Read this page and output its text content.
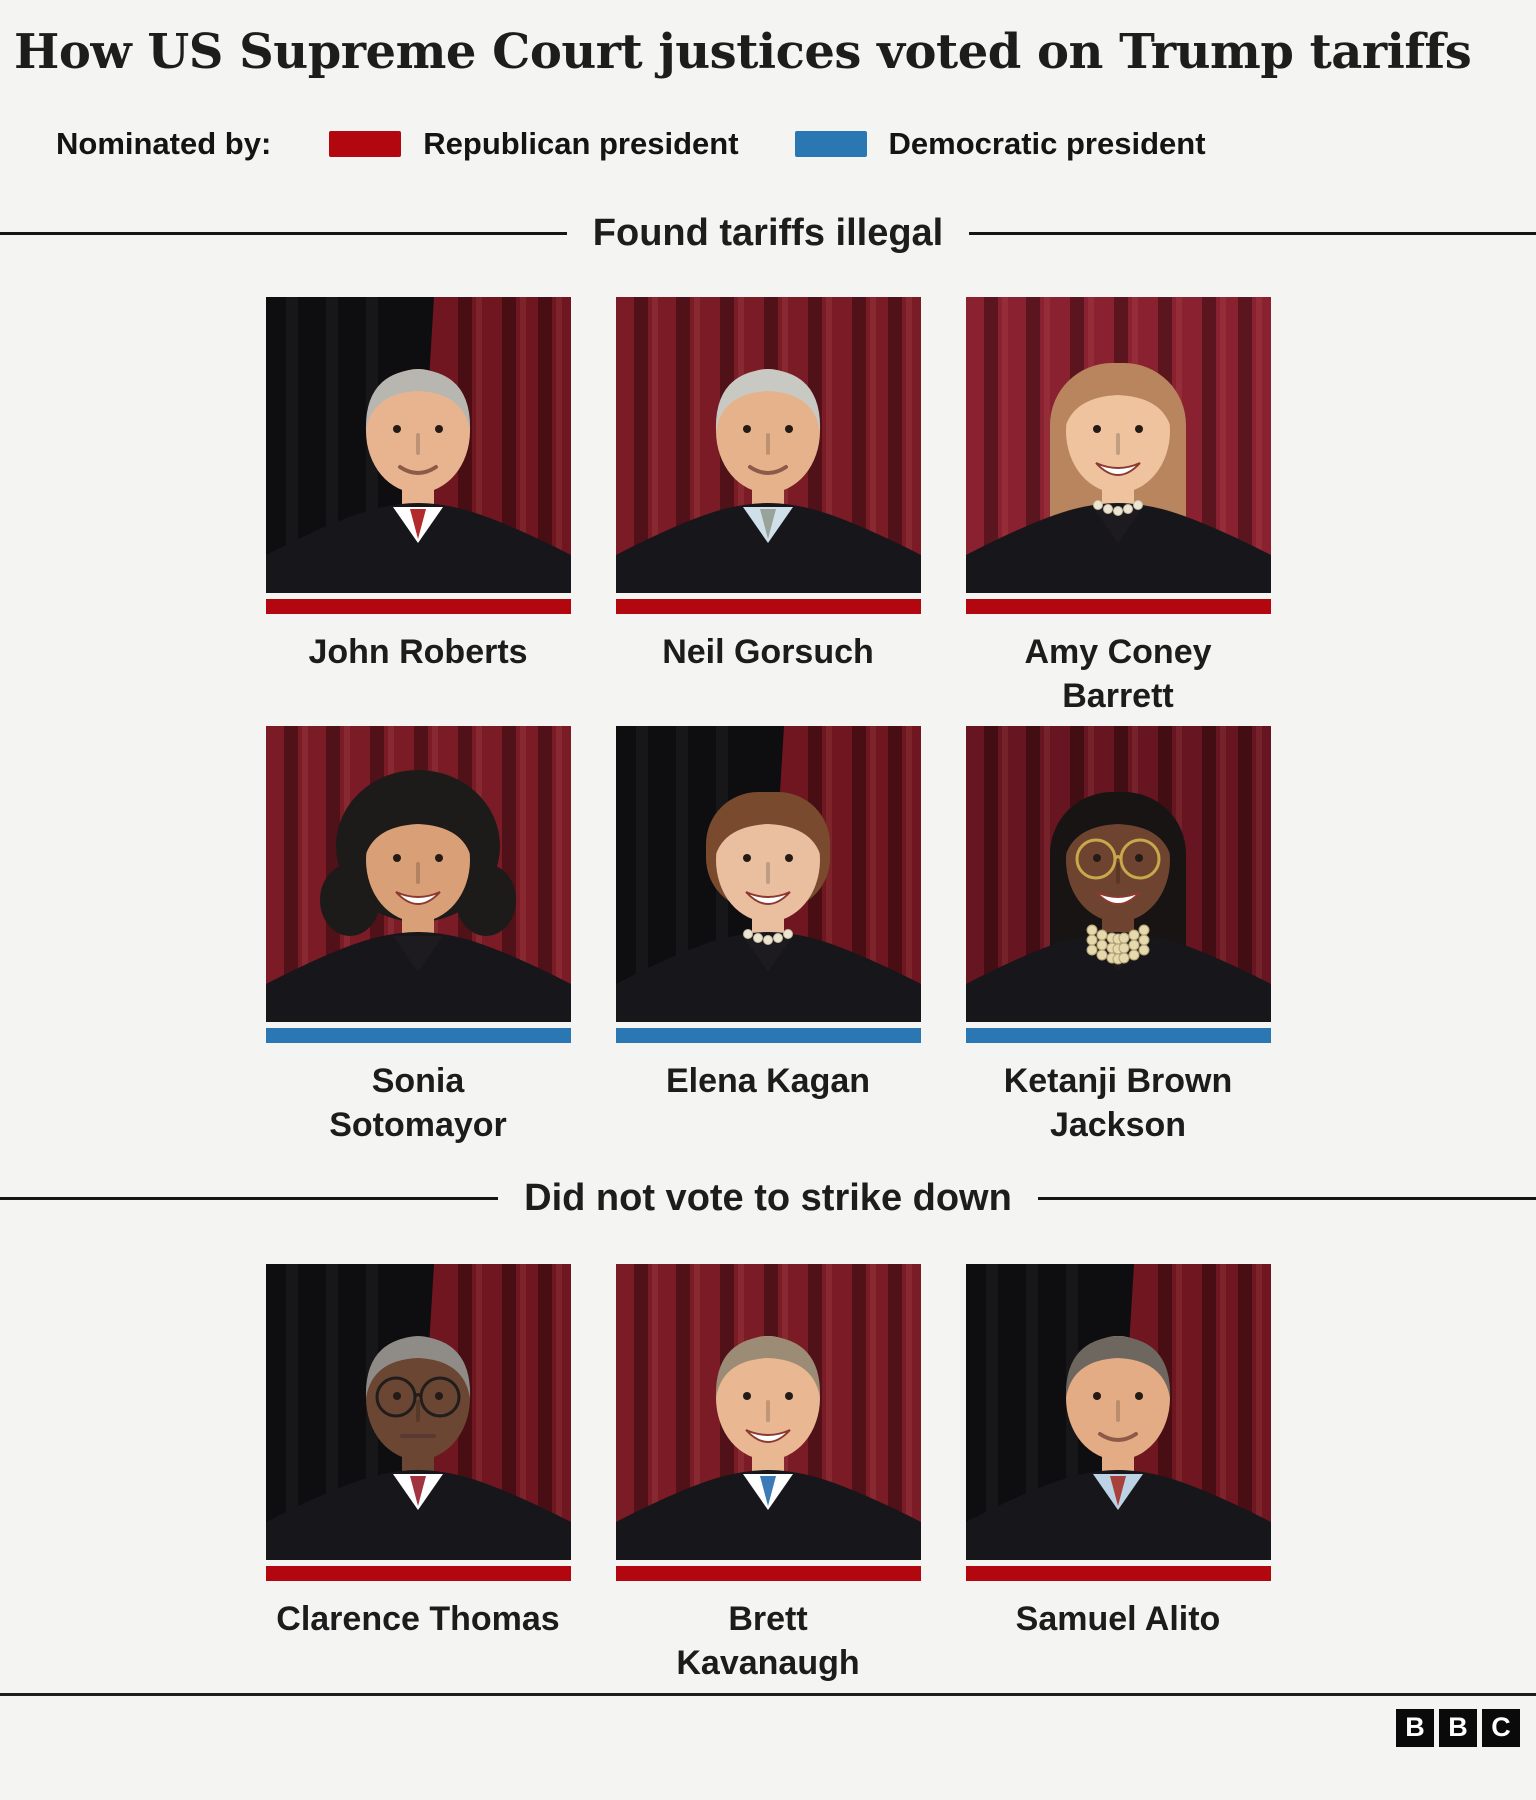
How US Supreme Court justices voted on Trump tariffs
Nominated by:	Republican president	Democratic president
Found tariffs illegal
John Roberts	Neil Gorsuch	Amy Coney
Barrett
Sonia
Sotomayor
Elena Kagan	Ketanji Brown
Jackson
Did not vote to strike down
Clarence Thomas	Brett
Kavanaugh
Samuel Alito
B B C
